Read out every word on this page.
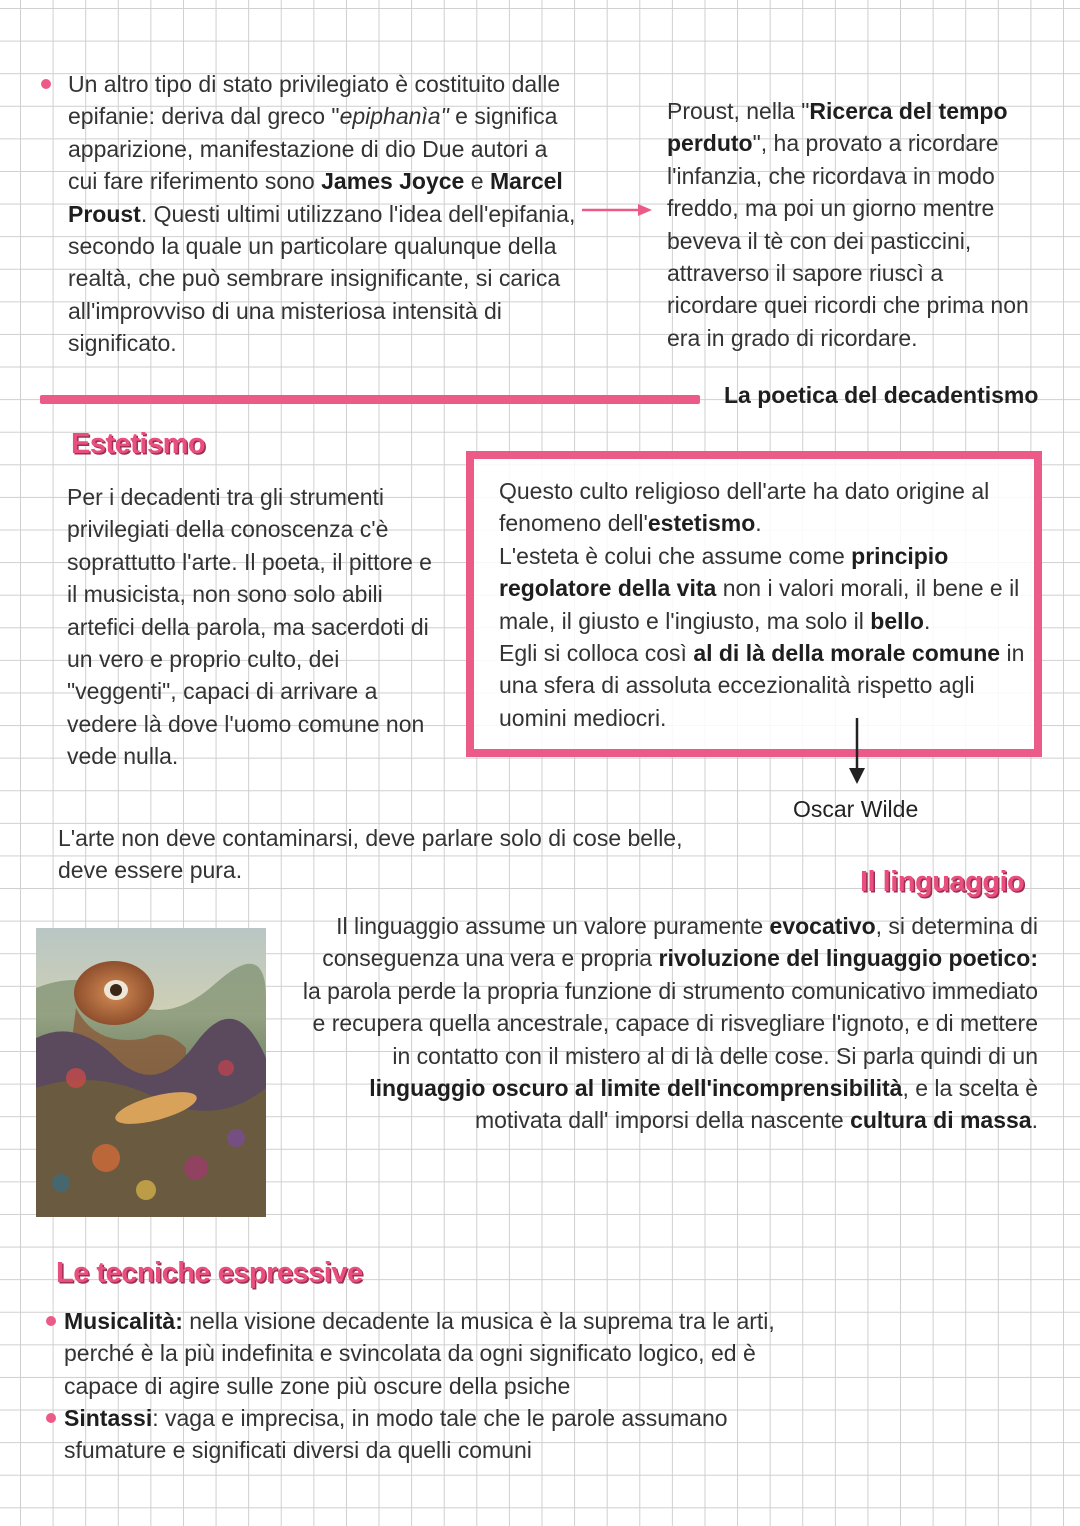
Un altro tipo di stato privilegiato è costituito dalle epifanie: deriva dal greco "epiphanìa" e significa apparizione, manifestazione di dio Due autori a cui fare riferimento sono James Joyce e Marcel Proust. Questi ultimi utilizzano l'idea dell'epifania, secondo la quale un particolare qualunque della realtà, che può sembrare insignificante, si carica all'improvviso di una misteriosa intensità di significato.

Proust, nella "Ricerca del tempo perduto", ha provato a ricordare l'infanzia, che ricordava in modo freddo, ma poi un giorno mentre beveva il tè con dei pasticcini, attraverso il sapore riuscì a ricordare quei ricordi che prima non era in grado di ricordare.

La poetica del decadentismo

Estetismo

Per i decadenti tra gli strumenti privilegiati della conoscenza c'è soprattutto l'arte. Il poeta, il pittore e il musicista, non sono solo abili artefici della parola, ma sacerdoti di un vero e proprio culto, dei "veggenti", capaci di arrivare a vedere là dove l'uomo comune non vede nulla.

Questo culto religioso dell'arte ha dato origine al fenomeno dell'estetismo.
L'esteta è colui che assume come principio regolatore della vita non i valori morali, il bene e il male, il giusto e l'ingiusto, ma solo il bello.
Egli si colloca così al di là della morale comune in una sfera di assoluta eccezionalità rispetto agli uomini mediocri.

Oscar Wilde

L'arte non deve contaminarsi, deve parlare solo di cose belle, deve essere pura.	Il linguaggio

Il linguaggio assume un valore puramente evocativo, si determina di conseguenza una vera e propria rivoluzione del linguaggio poetico: la parola perde la propria funzione di strumento comunicativo immediato e recupera quella ancestrale, capace di risvegliare l'ignoto, e di mettere in contatto con il mistero al di là delle cose. Si parla quindi di un linguaggio oscuro al limite dell'incomprensibilità, e la scelta è motivata dall' imporsi della nascente cultura di massa.

Le tecniche espressive

Musicalità: nella visione decadente la musica è la suprema tra le arti, perché è la più indefinita e svincolata da ogni significato logico, ed è capace di agire sulle zone più oscure della psiche

Sintassi: vaga e imprecisa, in modo tale che le parole assumano sfumature e significati diversi da quelli comuni
